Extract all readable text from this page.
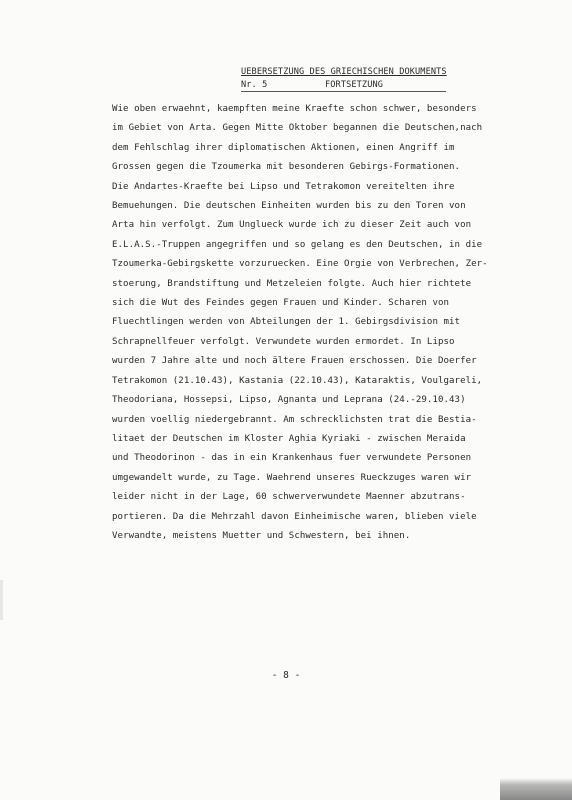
UEBERSETZUNG DES GRIECHISCHEN DOKUMENTS
Nr. 5	FORTSETZUNG
Wie oben erwaehnt, kaempften meine Kraefte schon schwer, besonders
im Gebiet von Arta. Gegen Mitte Oktober begannen die Deutschen,nach
dem Fehlschlag ihrer diplomatischen Aktionen, einen Angriff im
Grossen gegen die Tzoumerka mit besonderen Gebirgs-Formationen.
Die Andartes-Kraefte bei Lipso und Tetrakomon vereitelten ihre
Bemuehungen. Die deutschen Einheiten wurden bis zu den Toren von
Arta hin verfolgt. Zum Unglueck wurde ich zu dieser Zeit auch von
E.L.A.S.-Truppen angegriffen und so gelang es den Deutschen, in die
Tzoumerka-Gebirgskette vorzuruecken. Eine Orgie von Verbrechen, Zer-
stoerung, Brandstiftung und Metzeleien folgte. Auch hier richtete
sich die Wut des Feindes gegen Frauen und Kinder. Scharen von
Fluechtlingen werden von Abteilungen der 1. Gebirgsdivision mit
Schrapnellfeuer verfolgt. Verwundete wurden ermordet. In Lipso
wurden 7 Jahre alte und noch ältere Frauen erschossen. Die Doerfer
Tetrakomon (21.10.43), Kastania (22.10.43), Kataraktis, Voulgareli,
Theodoriana, Hossepsi, Lipso, Agnanta und Leprana (24.-29.10.43)
wurden voellig niedergebrannt. Am schrecklichsten trat die Bestia-
litaet der Deutschen im Kloster Aghia Kyriaki - zwischen Meraida
und Theodorinon - das in ein Krankenhaus fuer verwundete Personen
umgewandelt wurde, zu Tage. Waehrend unseres Rueckzuges waren wir
leider nicht in der Lage, 60 schwerverwundete Maenner abzutrans-
portieren. Da die Mehrzahl davon Einheimische waren, blieben viele
Verwandte, meistens Muetter und Schwestern, bei ihnen.
- 8 -
